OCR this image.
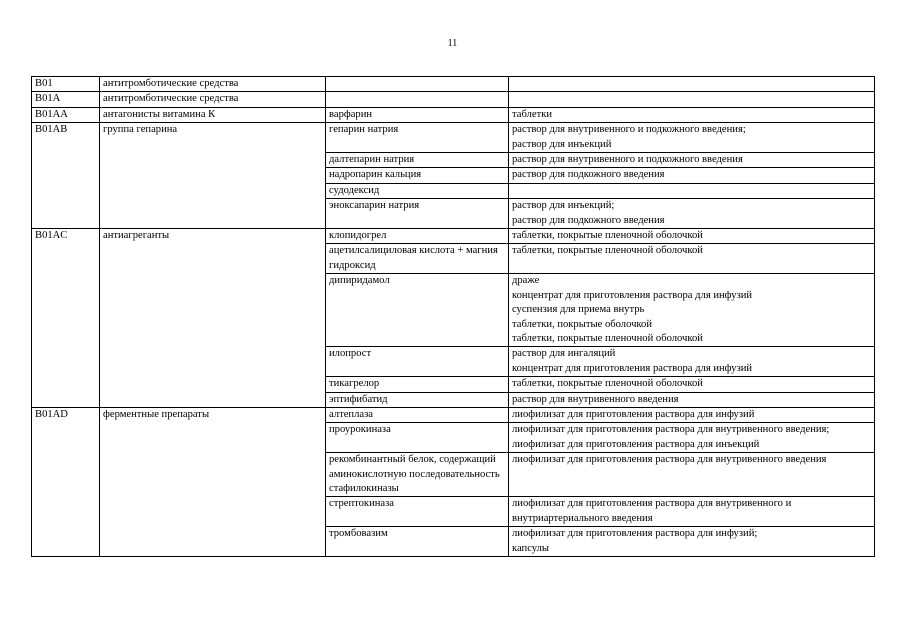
11
B01	антитромботические средства		
B01A	антитромботические средства		
B01AA	антагонисты витамина К	варфарин	таблетки

B01AB	группа гепарина	гепарин натрия	раствор для внутривенного и подкожного введения;
раствор для инъекций

		далтепарин натрия	раствор для внутривенного и подкожного введения

		надропарин кальция	раствор для подкожного введения

		судодексид	
		эноксапарин натрия	раствор для инъекций;
раствор для подкожного введения

B01AC	антиагреганты	клопидогрел	таблетки, покрытые пленочной оболочкой

		ацетилсалициловая кислота + магния гидроксид	таблетки, покрытые пленочной оболочкой

		дипиридамол	драже
концентрат для приготовления раствора для инфузий
суспензия для приема внутрь
таблетки, покрытые оболочкой
таблетки, покрытые пленочной оболочкой

		илопрост	раствор для ингаляций
концентрат для приготовления раствора для инфузий

		тикагрелор	таблетки, покрытые пленочной оболочкой

		эптифибатид	раствор для внутривенного введения

B01AD	ферментные препараты	алтеплаза	лиофилизат для приготовления раствора для инфузий

		проурокиназа	лиофилизат для приготовления раствора для внутривенного введения;
лиофилизат для приготовления раствора для инъекций

		рекомбинантный белок, содержащий аминокислотную последовательность стафилокиназы	лиофилизат для приготовления раствора для внутривенного введения

		стрептокиназа	лиофилизат для приготовления раствора для внутривенного и внутриартериального введения

		тромбовазим	лиофилизат для приготовления раствора для инфузий;
капсулы
